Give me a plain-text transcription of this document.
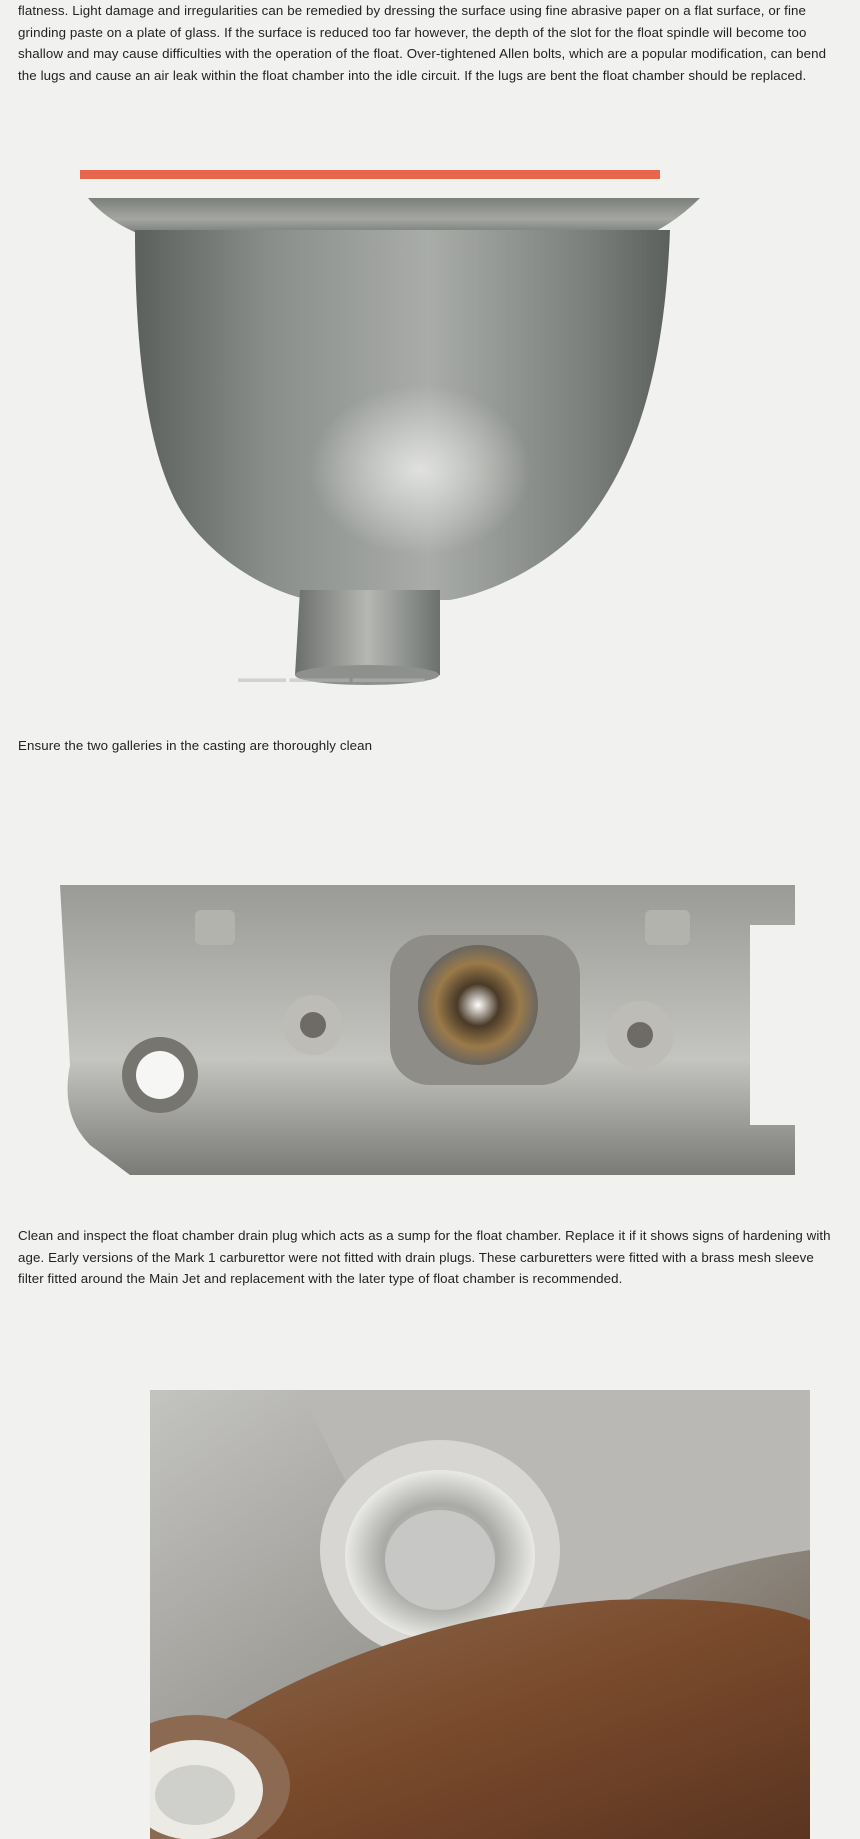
flatness. Light damage and irregularities can be remedied by dressing the surface using fine abrasive paper on a flat surface, or fine grinding paste on a plate of glass. If the surface is reduced too far however, the depth of the slot for the float spindle will become too shallow and may cause difficulties with the operation of the float. Over-tightened Allen bolts, which are a popular modification, can bend the lugs and cause an air leak within the float chamber into the idle circuit. If the lugs are bent the float chamber should be replaced.

▬▬▬▬ ▬▬▬▬▬ ▬▬▬▬▬▬

Ensure the two galleries in the casting are thoroughly clean

Clean and inspect the float chamber drain plug which acts as a sump for the float chamber. Replace it if it shows signs of hardening with age. Early versions of the Mark 1 carburettor were not fitted with drain plugs. These carburetters were fitted with a brass mesh sleeve filter fitted around the Main Jet and replacement with the later type of float chamber is recommended.
